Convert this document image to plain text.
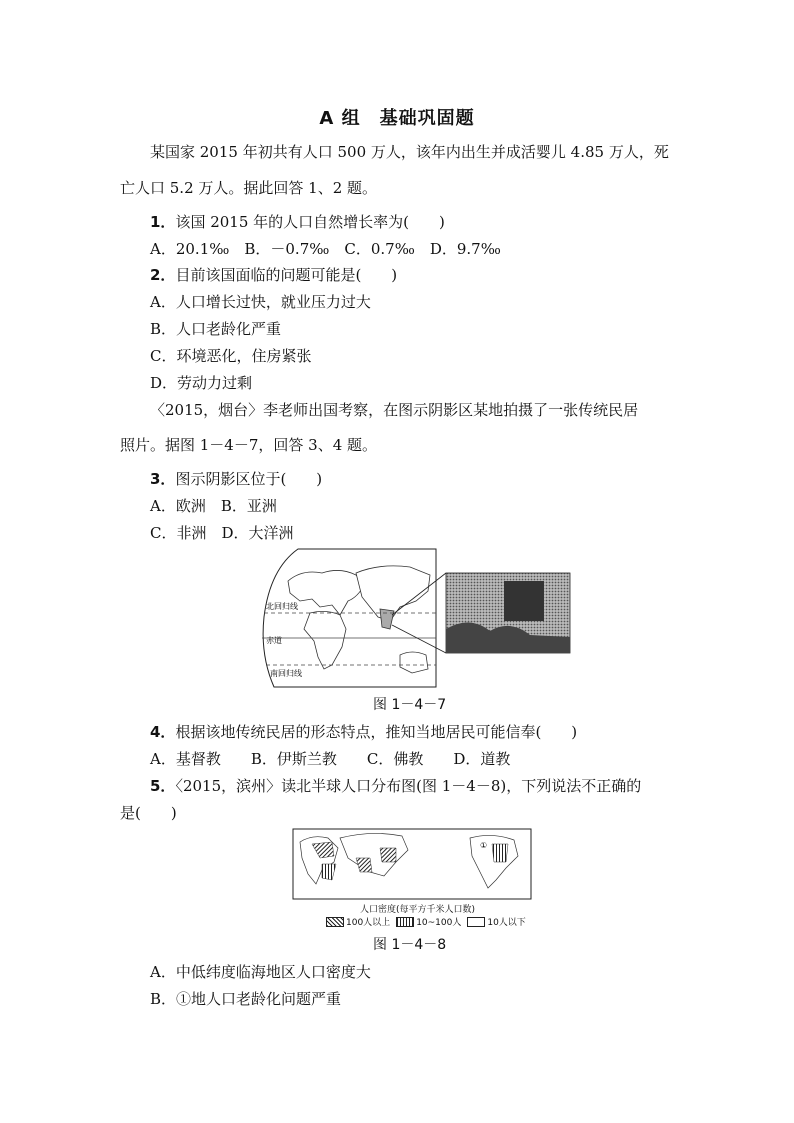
A 组　基础巩固题
某国家 2015 年初共有人口 500 万人，该年内出生并成活婴儿 4.85 万人，死
亡人口 5.2 万人。据此回答 1、2 题。
1．该国 2015 年的人口自然增长率为(　　)
A．20.1‰　B．－0.7‰　C．0.7‰　D．9.7‰
2．目前该国面临的问题可能是(　　)
A．人口增长过快，就业压力过大
B．人口老龄化严重
C．环境恶化，住房紧张
D．劳动力过剩
〈2015，烟台〉李老师出国考察，在图示阴影区某地拍摄了一张传统民居
照片。据图 1－4－7，回答 3、4 题。
3．图示阴影区位于(　　)
A．欧洲　B．亚洲
C．非洲　D．大洋洲
北回归线
赤道
南回归线
图 1－4－7
4．根据该地传统民居的形态特点，推知当地居民可能信奉(　　)
A．基督教　　B．伊斯兰教　　C．佛教　　D．道教
5．〈2015，滨州〉读北半球人口分布图(图 1－4－8)，下列说法不正确的
是(　　)
①
人口密度(每平方千米人口数)
100人以上	10~100人	10人以下
图 1－4－8
A．中低纬度临海地区人口密度大
B．①地人口老龄化问题严重
